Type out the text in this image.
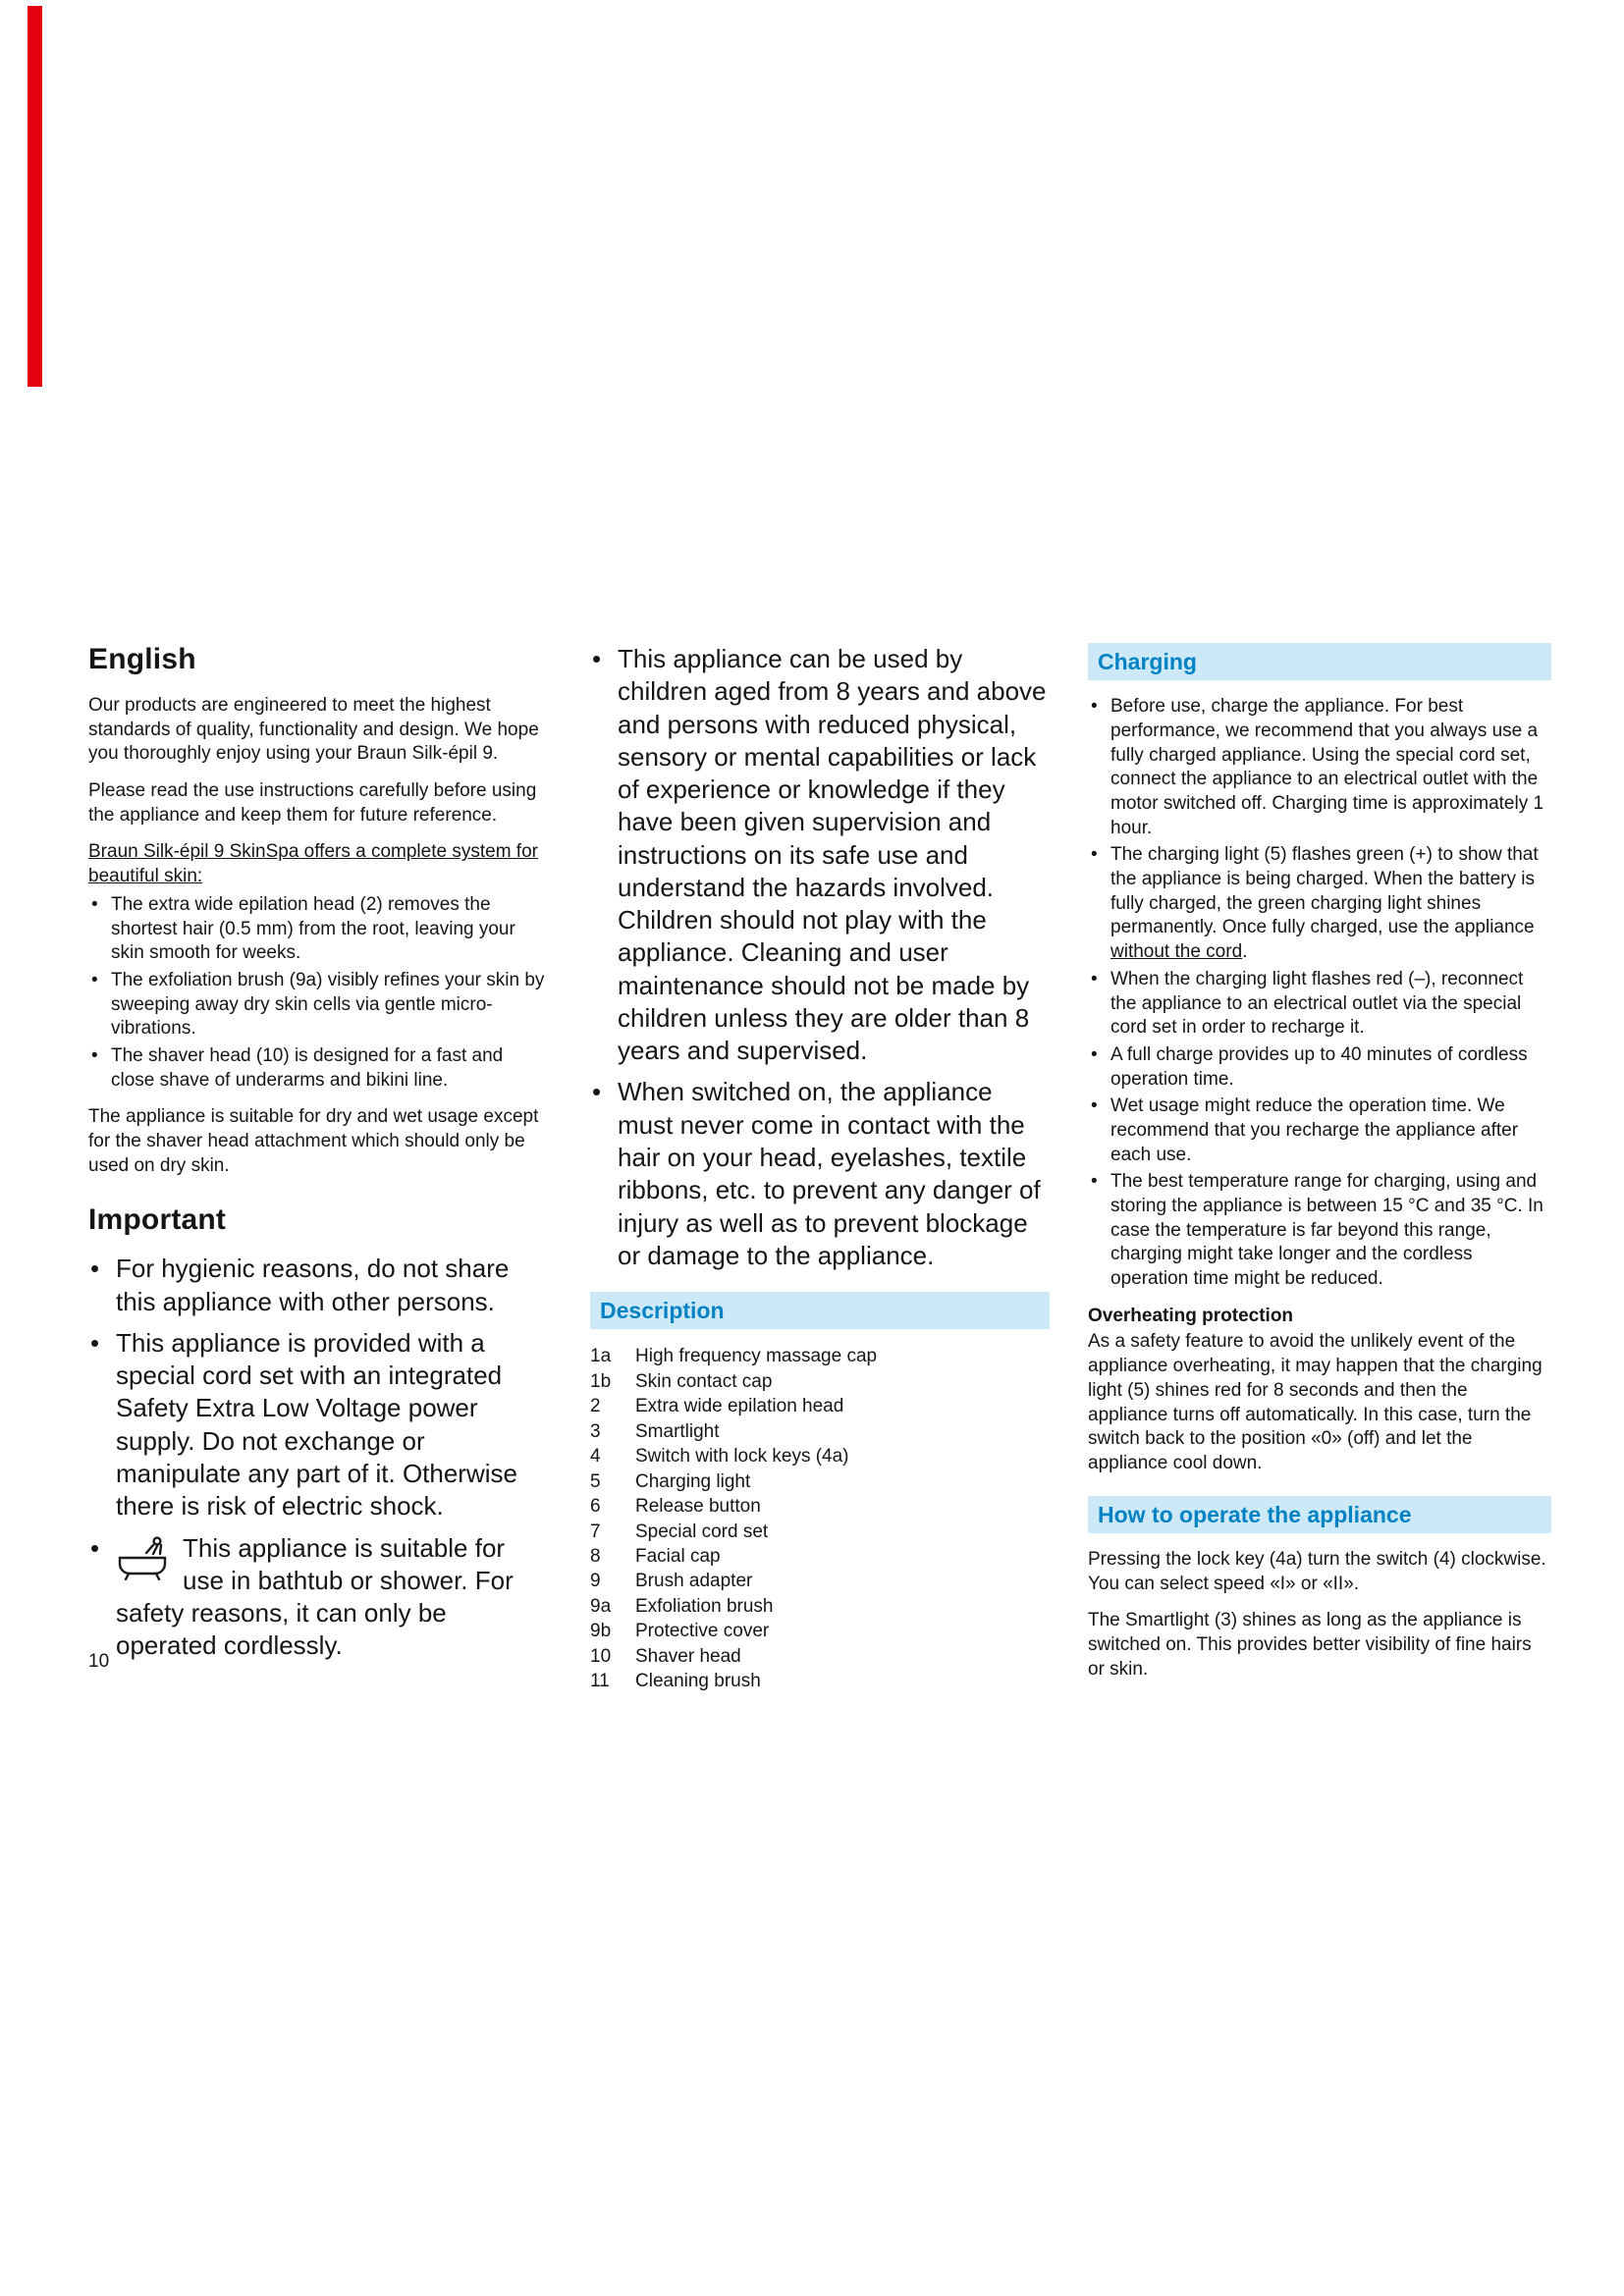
English

Our products are engineered to meet the highest standards of quality, functionality and design. We hope you thoroughly enjoy using your Braun Silk-épil 9.

Please read the use instructions carefully before using the appliance and keep them for future reference.

Braun Silk-épil 9 SkinSpa offers a complete system for beautiful skin:

• The extra wide epilation head (2) removes the shortest hair (0.5 mm) from the root, leaving your skin smooth for weeks.
• The exfoliation brush (9a) visibly refines your skin by sweeping away dry skin cells via gentle micro-vibrations.
• The shaver head (10) is designed for a fast and close shave of underarms and bikini line.

The appliance is suitable for dry and wet usage except for the shaver head attachment which should only be used on dry skin.

Important
• For hygienic reasons, do not share this appliance with other persons.
• This appliance is provided with a special cord set with an integrated Safety Extra Low Voltage power supply. Do not exchange or manipulate any part of it. Otherwise there is risk of electric shock.
• This appliance is suitable for use in bathtub or shower. For safety reasons, it can only be operated cordlessly.
• This appliance can be used by children aged from 8 years and above and persons with reduced physical, sensory or mental capabilities or lack of experience or knowledge if they have been given supervision and instructions on its safe use and understand the hazards involved. Children should not play with the appliance. Cleaning and user maintenance should not be made by children unless they are older than 8 years and supervised.
• When switched on, the appliance must never come in contact with the hair on your head, eyelashes, textile ribbons, etc. to prevent any danger of injury as well as to prevent blockage or damage to the appliance.
Description
1a	High frequency massage cap
1b	Skin contact cap
2	Extra wide epilation head
3	Smartlight
4	Switch with lock keys (4a)
5	Charging light
6	Release button
7	Special cord set
8	Facial cap
9	Brush adapter
9a	Exfoliation brush
9b	Protective cover
10	Shaver head
11	Cleaning brush
Charging
• Before use, charge the appliance. For best performance, we recommend that you always use a fully charged appliance. Using the special cord set, connect the appliance to an electrical outlet with the motor switched off. Charging time is approximately 1 hour.
• The charging light (5) flashes green (+) to show that the appliance is being charged. When the battery is fully charged, the green charging light shines permanently. Once fully charged, use the appliance without the cord.
• When the charging light flashes red (–), reconnect the appliance to an electrical outlet via the special cord set in order to recharge it.
• A full charge provides up to 40 minutes of cordless operation time.
• Wet usage might reduce the operation time. We recommend that you recharge the appliance after each use.
• The best temperature range for charging, using and storing the appliance is between 15 °C and 35 °C. In case the temperature is far beyond this range, charging might take longer and the cordless operation time might be reduced.
Overheating protection

As a safety feature to avoid the unlikely event of the appliance overheating, it may happen that the charging light (5) shines red for 8 seconds and then the appliance turns off automatically. In this case, turn the switch back to the position «0» (off) and let the appliance cool down.

How to operate the appliance

Pressing the lock key (4a) turn the switch (4) clockwise. You can select speed «I» or «II».

The Smartlight (3) shines as long as the appliance is switched on. This provides better visibility of fine hairs or skin.

10
